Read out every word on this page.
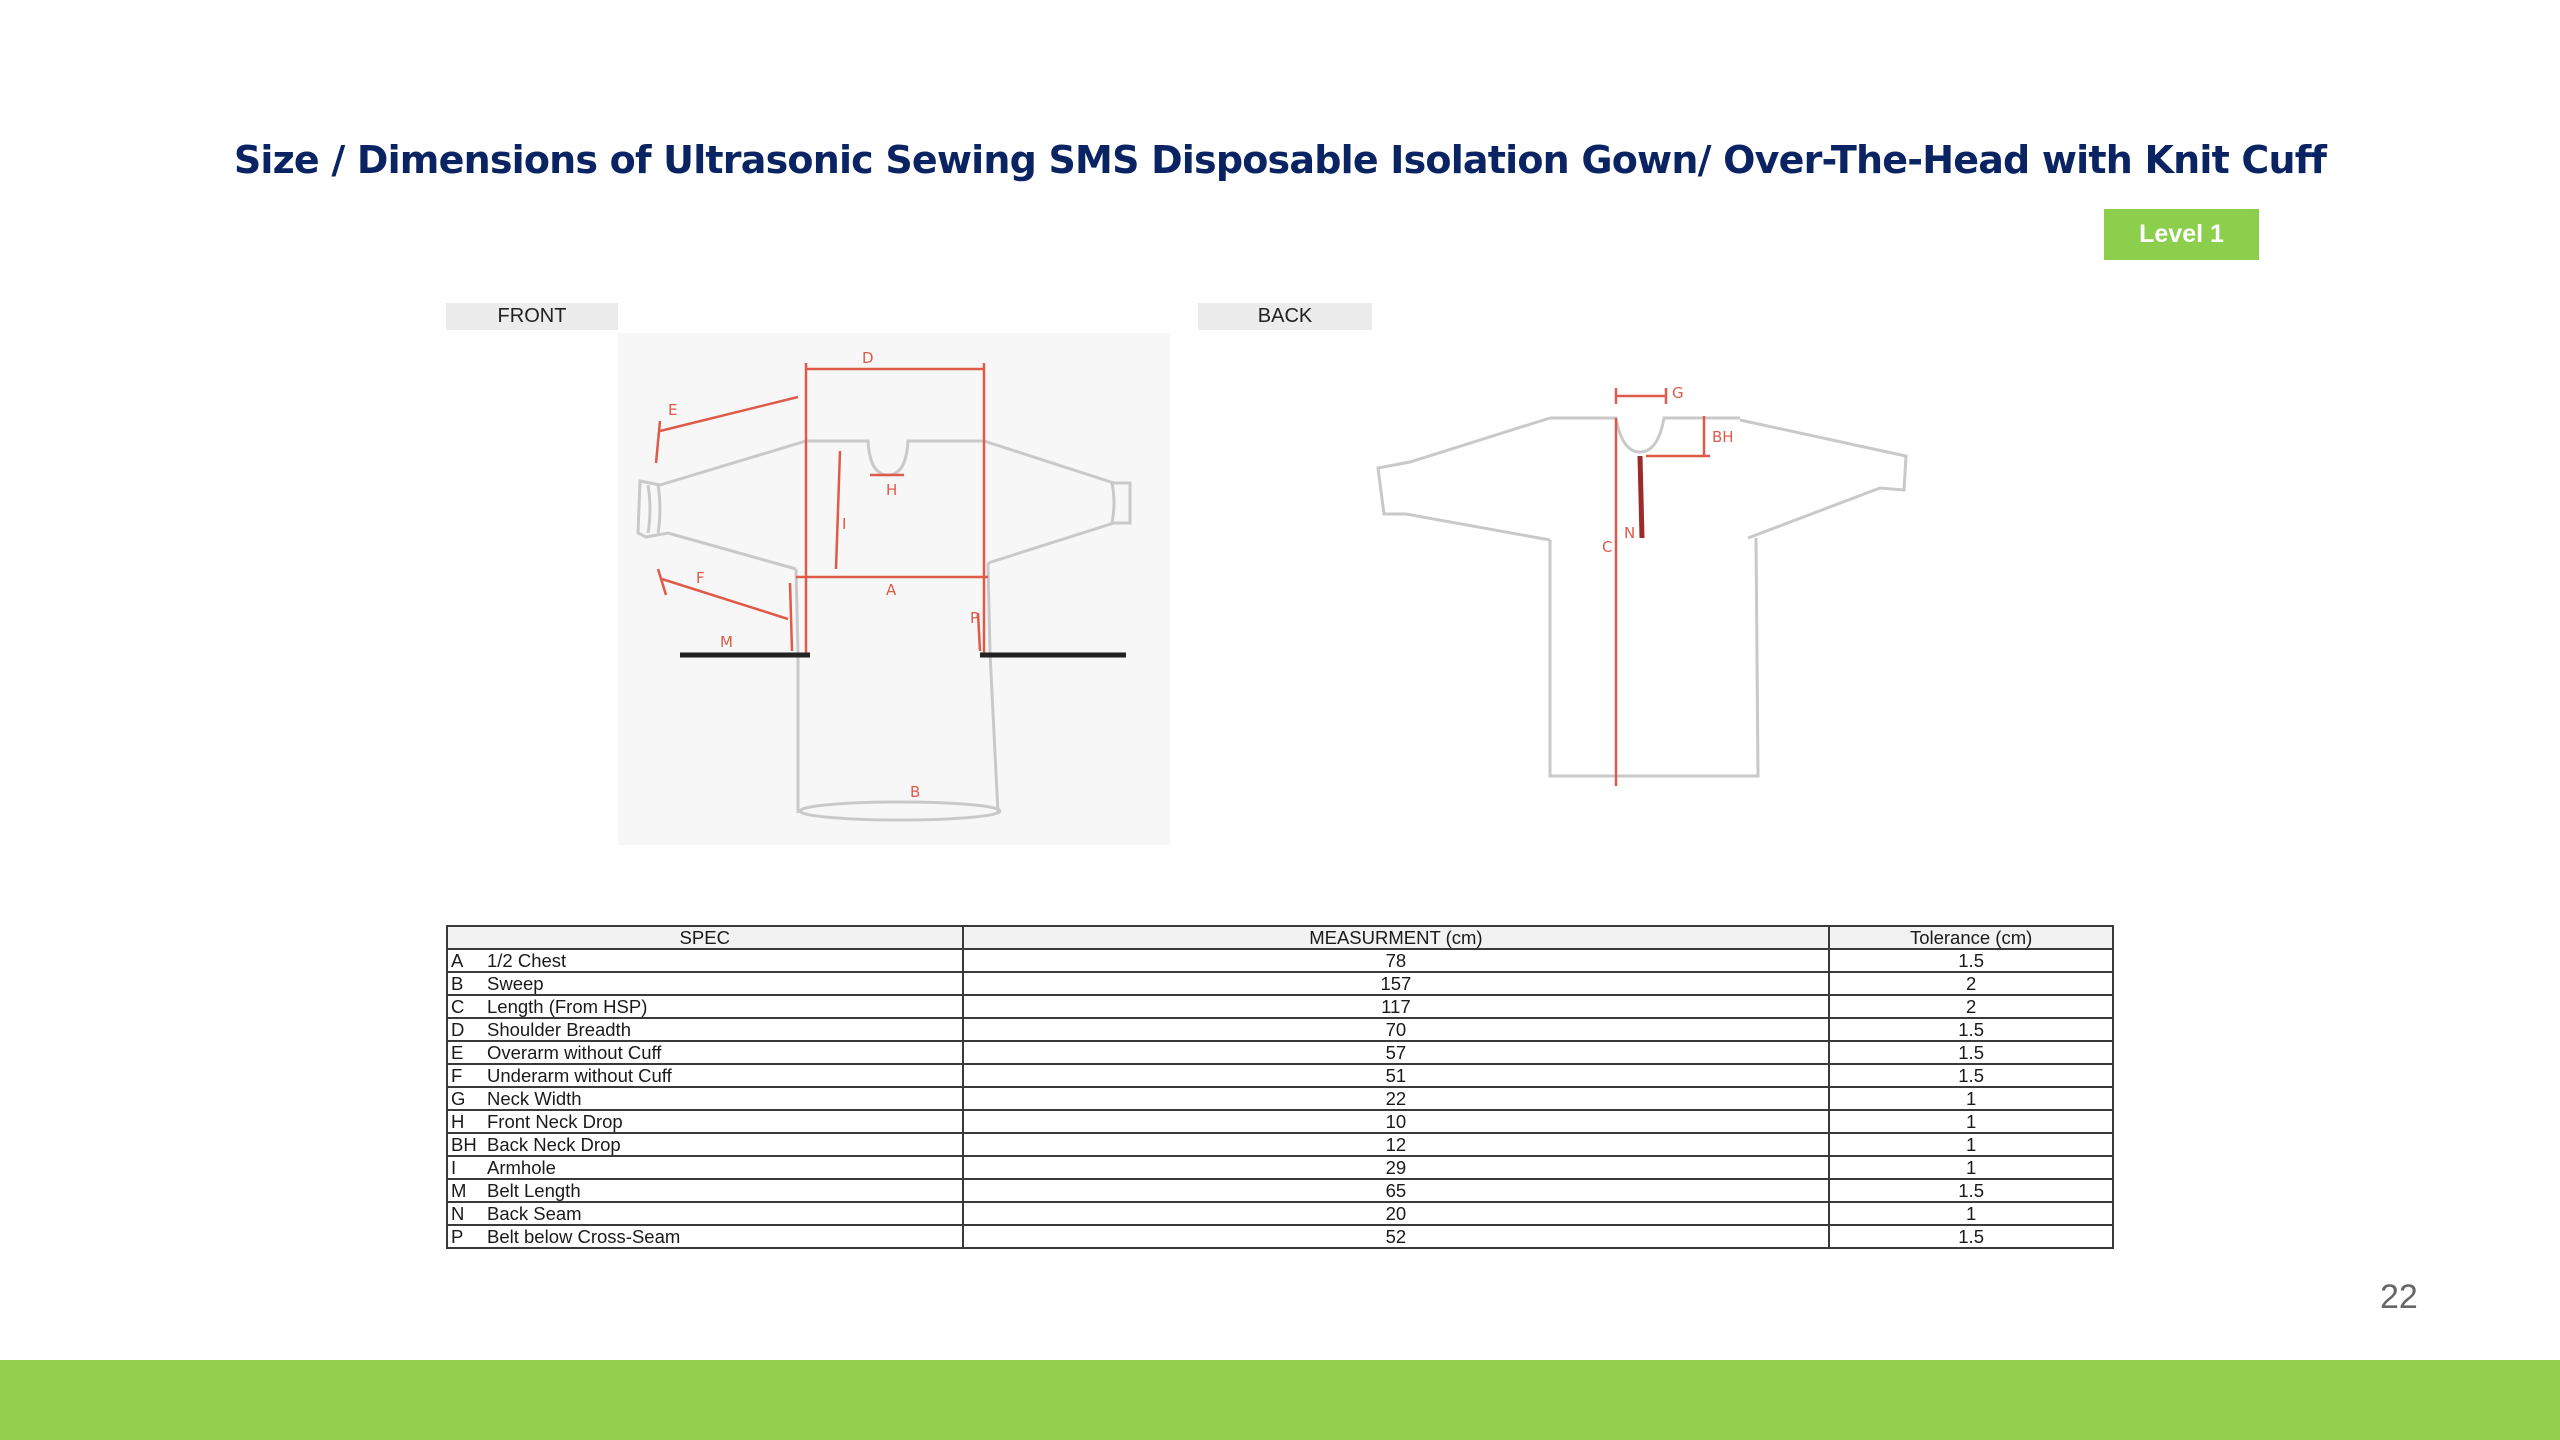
Size / Dimensions of Ultrasonic Sewing SMS Disposable Isolation Gown/ Over-The-Head with Knit Cuff
Level 1
FRONT	BACK
D
E
H
I
A
F
M
P
B
G
BH
C
N
SPEC	MEASURMENT (cm)	Tolerance (cm)
A 1/2 Chest	78	1.5
B Sweep	157	2
C Length (From HSP)	117	2
D Shoulder Breadth	70	1.5
E Overarm without Cuff	57	1.5
F Underarm without Cuff	51	1.5
G Neck Width	22	1
H Front Neck Drop	10	1
BH Back Neck Drop	12	1
I Armhole	29	1
M Belt Length	65	1.5
N Back Seam	20	1
P Belt below Cross-Seam	52	1.5
22
